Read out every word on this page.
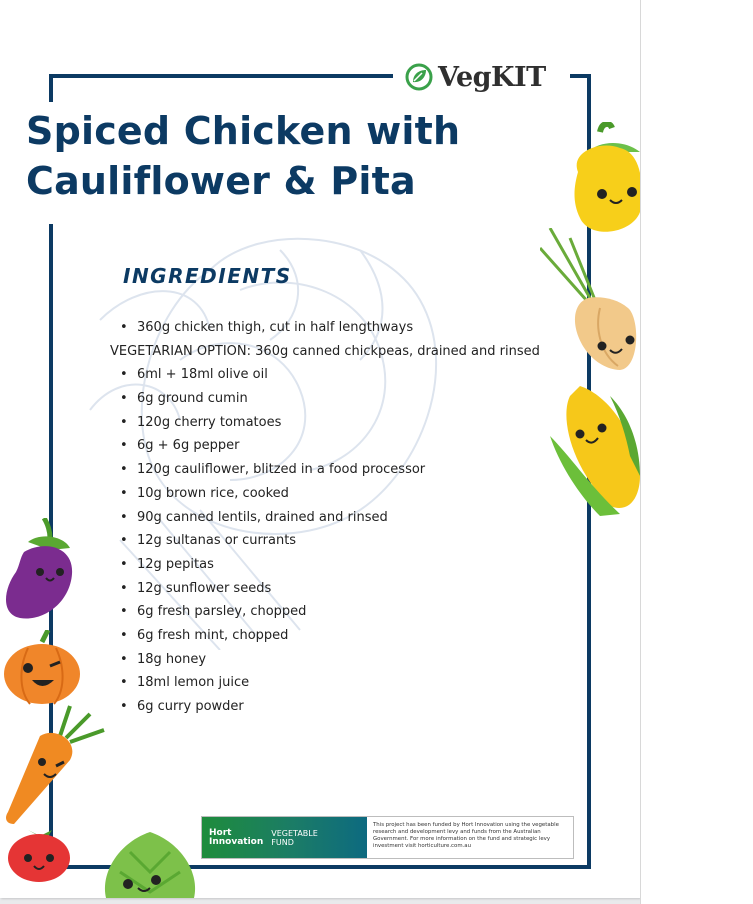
VegKIT
Spiced Chicken with
Cauliflower & Pita
INGREDIENTS
• 360g chicken thigh, cut in half lengthways
VEGETARIAN OPTION: 360g canned chickpeas, drained and rinsed
• 6ml + 18ml olive oil
• 6g ground cumin
• 120g cherry tomatoes
• 6g + 6g pepper
• 120g cauliflower, blitzed in a food processor
• 10g brown rice, cooked
• 90g canned lentils, drained and rinsed
• 12g sultanas or currants
• 12g pepitas
• 12g sunflower seeds
• 6g fresh parsley, chopped
• 6g fresh mint, chopped
• 18g honey
• 18ml lemon juice
• 6g curry powder
Hort
Innovation
VEGETABLE
FUND
This project has been funded by Hort Innovation using the vegetable research and development levy and funds from the Australian Government. For more information on the fund and strategic levy investment visit horticulture.com.au
